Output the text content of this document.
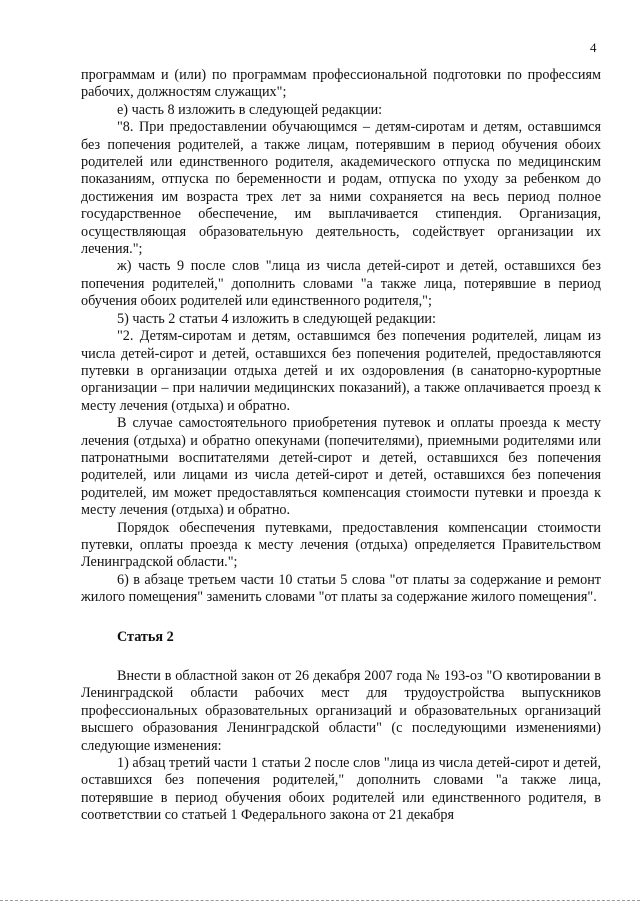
4

программам и (или) по программам профессиональной подготовки по профессиям рабочих, должностям служащих";

е) часть 8 изложить в следующей редакции:

"8. При предоставлении обучающимся – детям-сиротам и детям, оставшимся без попечения родителей, а также лицам, потерявшим в период обучения обоих родителей или единственного родителя, академического отпуска по медицинским показаниям, отпуска по беременности и родам, отпуска по уходу за ребенком до достижения им возраста трех лет за ними сохраняется на весь период полное государственное обеспечение, им выплачивается стипендия. Организация, осуществляющая образовательную деятельность, содействует организации их лечения.";

ж) часть 9 после слов "лица из числа детей-сирот и детей, оставшихся без попечения родителей," дополнить словами "а также лица, потерявшие в период обучения обоих родителей или единственного родителя,";

5) часть 2 статьи 4 изложить в следующей редакции:

"2. Детям-сиротам и детям, оставшимся без попечения родителей, лицам из числа детей-сирот и детей, оставшихся без попечения родителей, предоставляются путевки в организации отдыха детей и их оздоровления (в санаторно-курортные организации – при наличии медицинских показаний), а также оплачивается проезд к месту лечения (отдыха) и обратно.

В случае самостоятельного приобретения путевок и оплаты проезда к месту лечения (отдыха) и обратно опекунами (попечителями), приемными родителями или патронатными воспитателями детей-сирот и детей, оставшихся без попечения родителей, или лицами из числа детей-сирот и детей, оставшихся без попечения родителей, им может предоставляться компенсация стоимости путевки и проезда к месту лечения (отдыха) и обратно.

Порядок обеспечения путевками, предоставления компенсации стоимости путевки, оплаты проезда к месту лечения (отдыха) определяется Правительством Ленинградской области.";

6) в абзаце третьем части 10 статьи 5 слова "от платы за содержание и ремонт жилого помещения" заменить словами "от платы за содержание жилого помещения".

Статья 2

Внести в областной закон от 26 декабря 2007 года № 193-оз "О квотировании в Ленинградской области рабочих мест для трудоустройства выпускников профессиональных образовательных организаций и образовательных организаций высшего образования Ленинградской области" (с последующими изменениями) следующие изменения:

1) абзац третий части 1 статьи 2 после слов "лица из числа детей-сирот и детей, оставшихся без попечения родителей," дополнить словами "а также лица, потерявшие в период обучения обоих родителей или единственного родителя, в соответствии со статьей 1 Федерального закона от 21 декабря
